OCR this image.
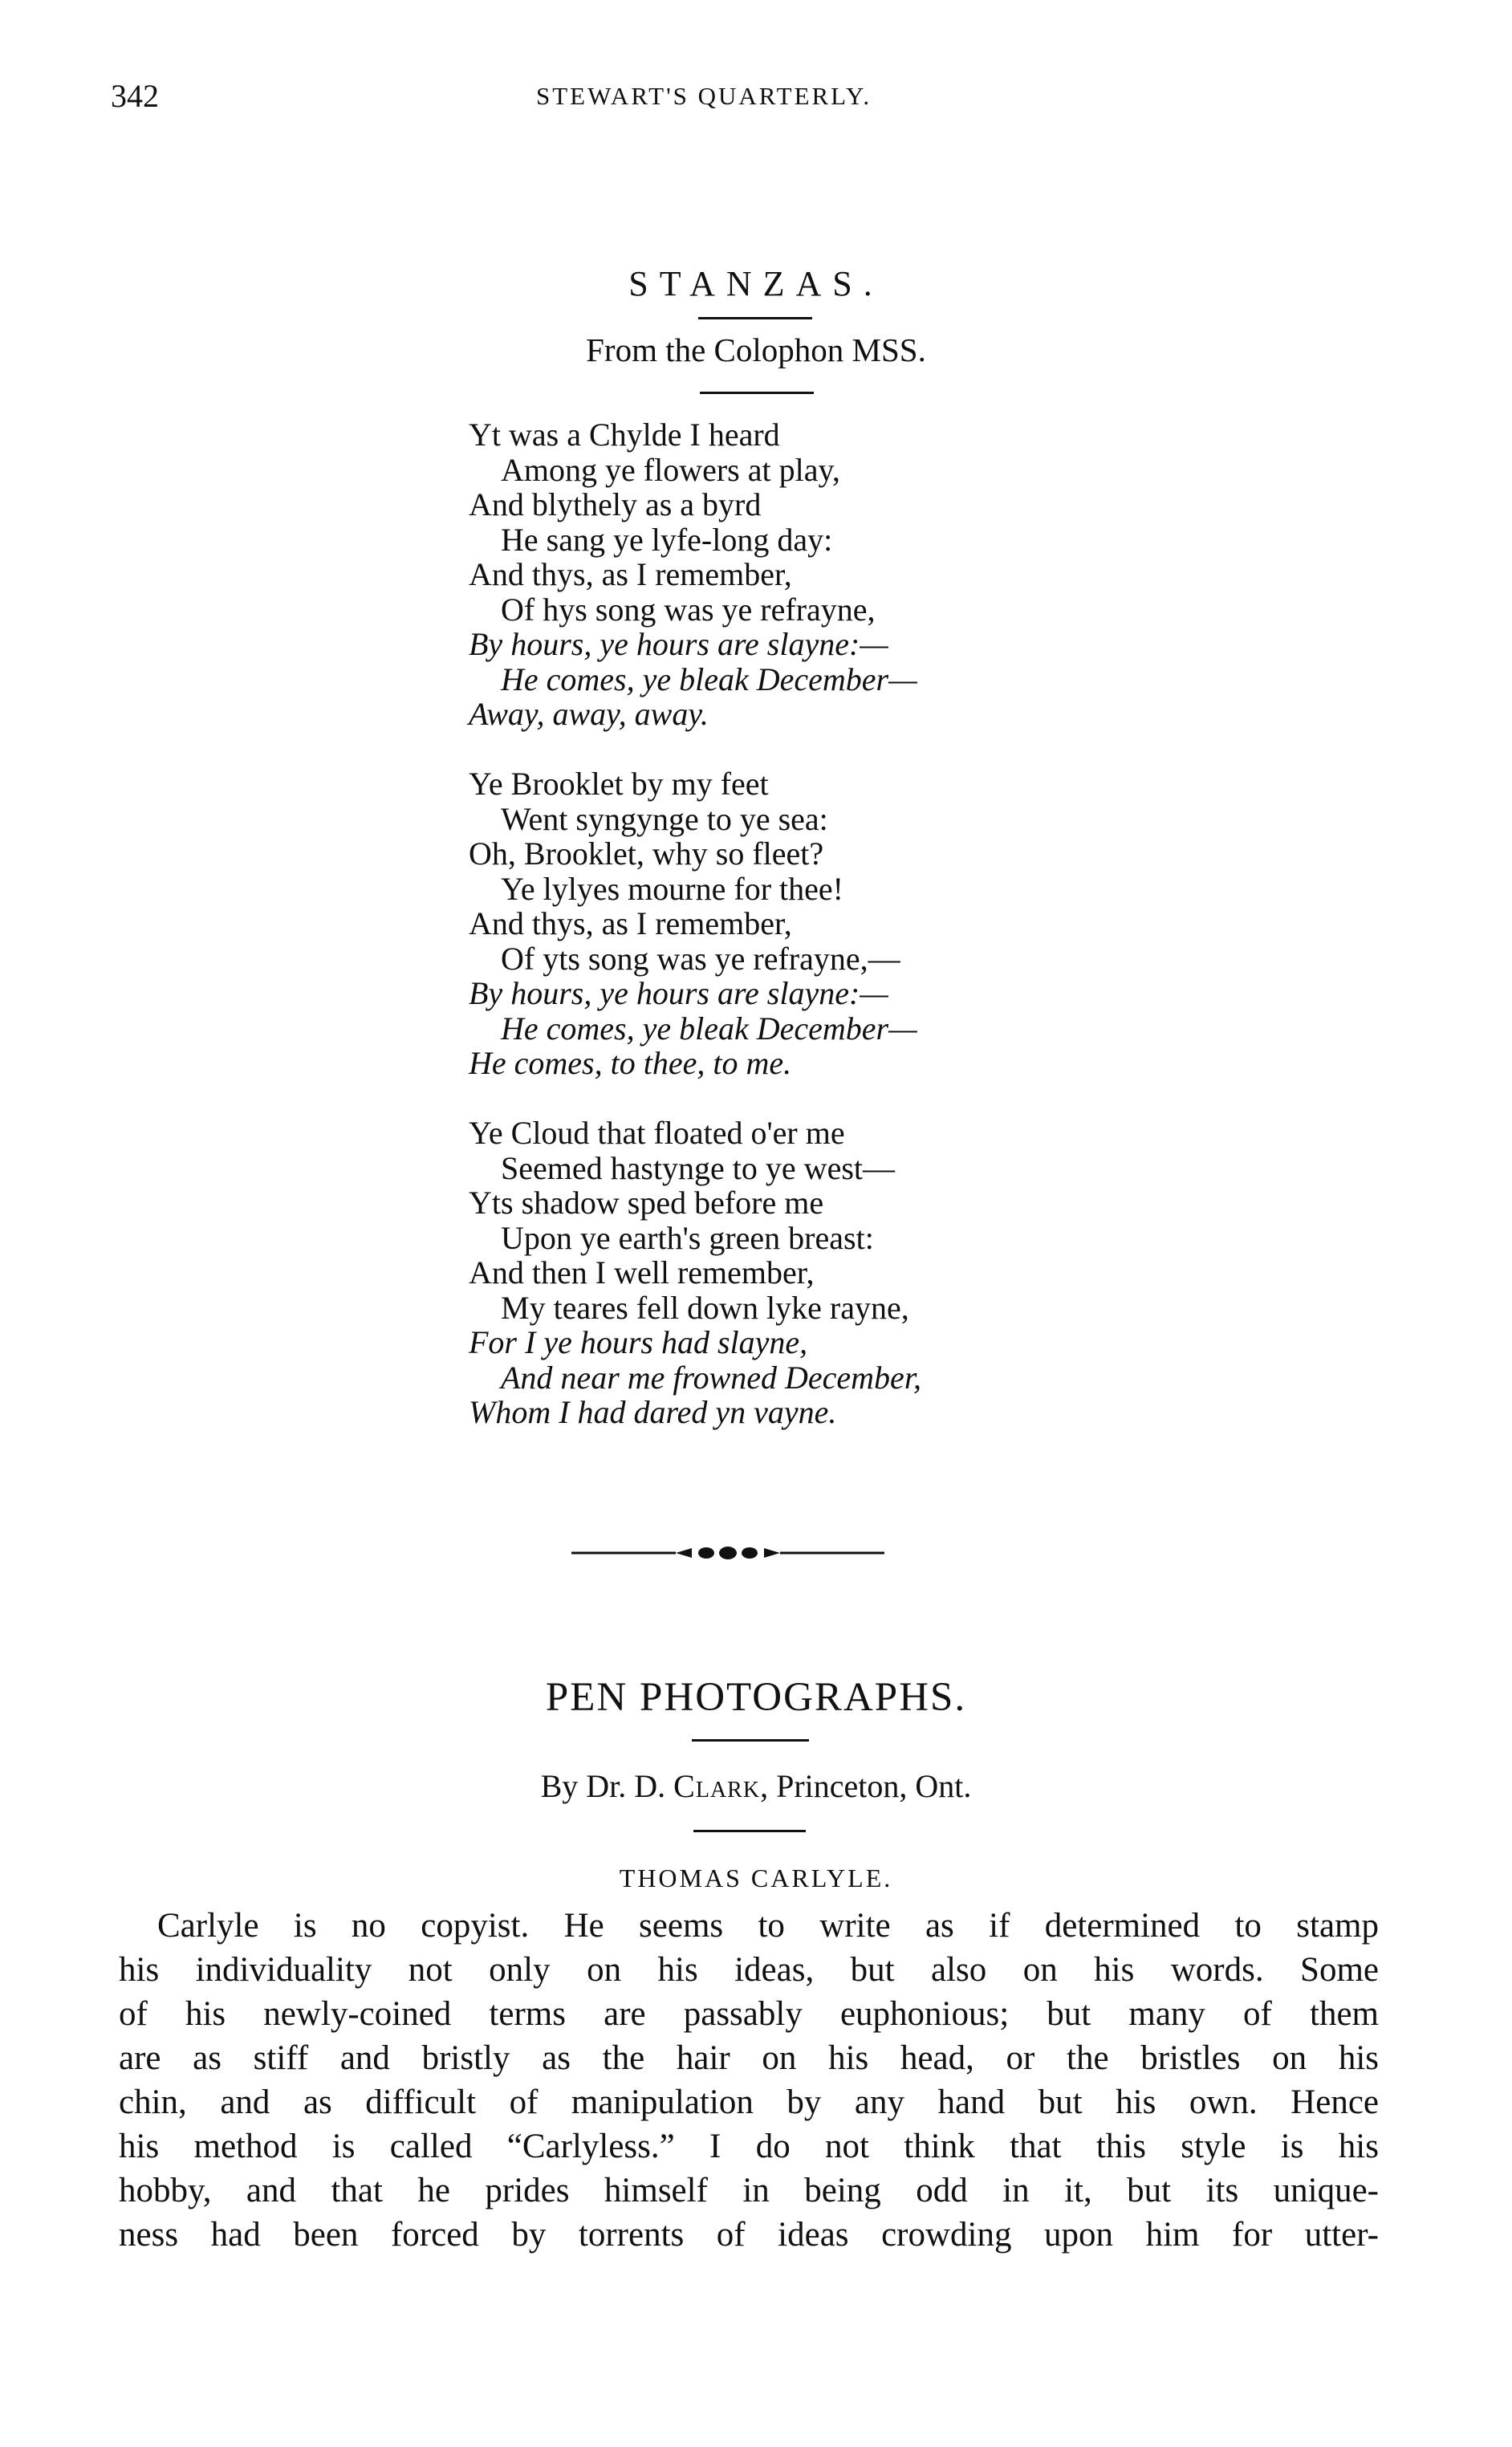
342	STEWART'S QUARTERLY.
STANZAS.
From the Colophon MSS.
Yt was a Chylde I heard
Among ye flowers at play,
And blythely as a byrd
He sang ye lyfe-long day:
And thys, as I remember,
Of hys song was ye refrayne,
By hours, ye hours are slayne:—
He comes, ye bleak December—
Away, away, away.
Ye Brooklet by my feet
Went syngynge to ye sea:
Oh, Brooklet, why so fleet?
Ye lylyes mourne for thee!
And thys, as I remember,
Of yts song was ye refrayne,—
By hours, ye hours are slayne:—
He comes, ye bleak December—
He comes, to thee, to me.
Ye Cloud that floated o'er me
Seemed hastynge to ye west—
Yts shadow sped before me
Upon ye earth's green breast:
And then I well remember,
My teares fell down lyke rayne,
For I ye hours had slayne,
And near me frowned December,
Whom I had dared yn vayne.
PEN PHOTOGRAPHS.
By Dr. D. Clark, Princeton, Ont.
THOMAS CARLYLE.
Carlyle is no copyist. He seems to write as if determined to stamp
his individuality not only on his ideas, but also on his words. Some
of his newly-coined terms are passably euphonious; but many of them
are as stiff and bristly as the hair on his head, or the bristles on his
chin, and as difficult of manipulation by any hand but his own. Hence
his method is called “Carlyless.” I do not think that this style is his
hobby, and that he prides himself in being odd in it, but its unique-
ness had been forced by torrents of ideas crowding upon him for utter-
